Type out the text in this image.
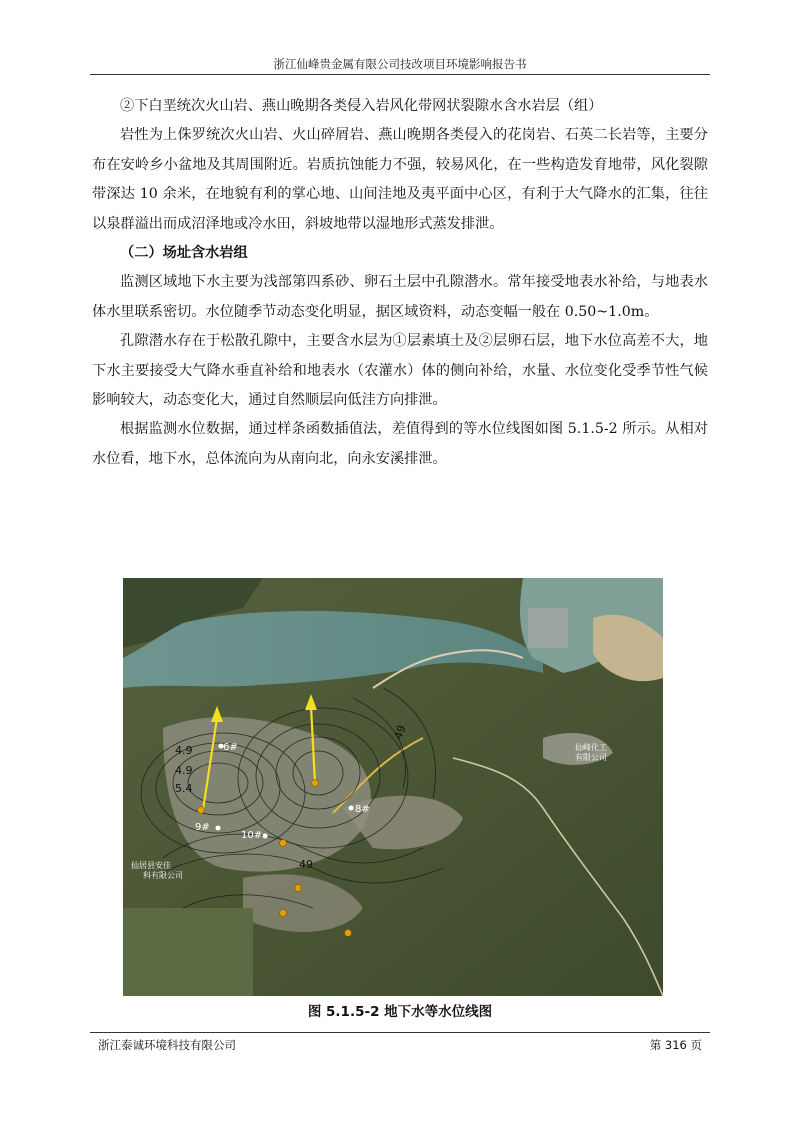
浙江仙峰贵金属有限公司技改项目环境影响报告书

②下白垩统次火山岩、燕山晚期各类侵入岩风化带网状裂隙水含水岩层（组）

岩性为上侏罗统次火山岩、火山碎屑岩、燕山晚期各类侵入的花岗岩、石英二长岩等，主要分布在安岭乡小盆地及其周围附近。岩质抗蚀能力不强，较易风化，在一些构造发育地带，风化裂隙带深达 10 余米，在地貌有利的掌心地、山间洼地及夷平面中心区，有利于大气降水的汇集，往往以泉群溢出而成沼泽地或冷水田，斜坡地带以湿地形式蒸发排泄。

（二）场址含水岩组

监测区域地下水主要为浅部第四系砂、卵石土层中孔隙潜水。常年接受地表水补给，与地表水体水里联系密切。水位随季节动态变化明显，据区域资料，动态变幅一般在 0.50~1.0m。

孔隙潜水存在于松散孔隙中，主要含水层为①层素填土及②层卵石层，地下水位高差不大，地下水主要接受大气降水垂直补给和地表水（农灌水）体的侧向补给，水量、水位变化受季节性气候影响较大，动态变化大，通过自然顺层向低洼方向排泄。

根据监测水位数据，通过样条函数插值法，差值得到的等水位线图如图 5.1.5-2 所示。从相对水位看，地下水，总体流向为从南向北，向永安溪排泄。

49
4.9
4.9
5.4
49
6#
8#
9#
10#
仙峰化工
有限公司
仙居县安佳
科有限公司
图 5.1.5-2 地下水等水位线图
浙江泰诚环境科技有限公司	第 316 页
